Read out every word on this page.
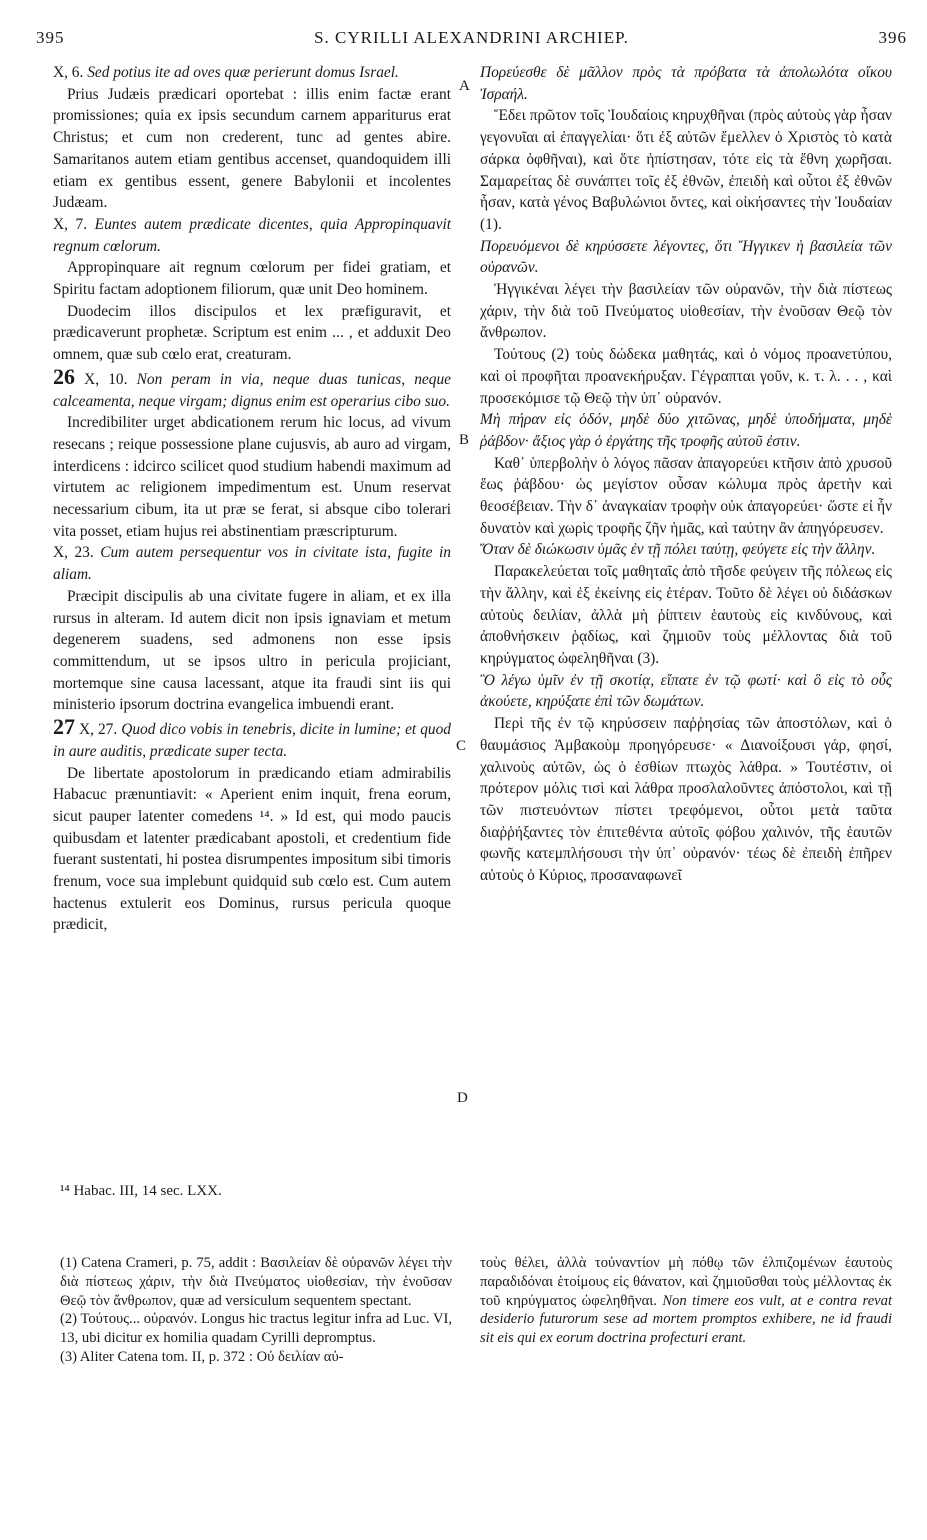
395	S. CYRILLI ALEXANDRINI ARCHIEP.	396
A
B
C
D

X, 6. Sed potius ite ad oves quæ perierunt domus Israel.

Prius Judæis prædicari oportebat : illis enim factæ erant promissiones; quia ex ipsis secundum carnem appariturus erat Christus; et cum non crederent, tunc ad gentes abire. Samaritanos autem etiam gentibus accenset, quandoquidem illi etiam ex gentibus essent, genere Babylonii et incolentes Judæam.

X, 7. Euntes autem prædicate dicentes, quia Appropinquavit regnum cœlorum.

Appropinquare ait regnum cœlorum per fidei gratiam, et Spiritu factam adoptionem filiorum, quæ unit Deo hominem.

Duodecim illos discipulos et lex præfiguravit, et prædicaverunt prophetæ. Scriptum est enim ... , et adduxit Deo omnem, quæ sub cœlo erat, creaturam.

26 X, 10. Non peram in via, neque duas tunicas, neque calceamenta, neque virgam; dignus enim est operarius cibo suo.

Incredibiliter urget abdicationem rerum hic locus, ad vivum resecans ; reique possessione plane cujusvis, ab auro ad virgam, interdicens : idcirco scilicet quod studium habendi maximum ad virtutem ac religionem impedimentum est. Unum reservat necessarium cibum, ita ut præ se ferat, si absque cibo tolerari vita posset, etiam hujus rei abstinentiam præscripturum.

X, 23. Cum autem persequentur vos in civitate ista, fugite in aliam.

Præcipit discipulis ab una civitate fugere in aliam, et ex illa rursus in alteram. Id autem dicit non ipsis ignaviam et metum degenerem suadens, sed admonens non esse ipsis committendum, ut se ipsos ultro in pericula projiciant, mortemque sine causa lacessant, atque ita fraudi sint iis qui ministerio ipsorum doctrina evangelica imbuendi erant.

27 X, 27. Quod dico vobis in tenebris, dicite in lumine; et quod in aure auditis, prædicate super tecta.

De libertate apostolorum in prædicando etiam admirabilis Habacuc prænuntiavit: « Aperient enim inquit, frena eorum, sicut pauper latenter comedens ¹⁴. » Id est, qui modo paucis quibusdam et latenter prædicabant apostoli, et credentium fide fuerant sustentati, hi postea disrumpentes impositum sibi timoris frenum, voce sua implebunt quidquid sub cœlo est. Cum autem hactenus extulerit eos Dominus, rursus pericula quoque prædicit,

Πορεύεσθε δὲ μᾶλλον πρὸς τὰ πρόβατα τὰ ἀπολωλότα οἴκου Ἰσραήλ.

Ἔδει πρῶτον τοῖς Ἰουδαίοις κηρυχθῆναι (πρὸς αὐτοὺς γὰρ ἦσαν γεγονυῖαι αἱ ἐπαγγελίαι· ὅτι ἐξ αὐτῶν ἔμελλεν ὁ Χριστὸς τὸ κατὰ σάρκα ὀφθῆναι), καὶ ὅτε ἠπίστησαν, τότε εἰς τὰ ἔθνη χωρῆσαι. Σαμαρείτας δὲ συνάπτει τοῖς ἐξ ἐθνῶν, ἐπειδὴ καὶ οὗτοι ἐξ ἐθνῶν ἦσαν, κατὰ γένος Βαβυλώνιοι ὄντες, καὶ οἰκήσαντες τὴν Ἰουδαίαν (1).

Πορευόμενοι δὲ κηρύσσετε λέγοντες, ὅτι Ἤγγικεν ἡ βασιλεία τῶν οὐρανῶν.

Ἠγγικέναι λέγει τὴν βασιλείαν τῶν οὐρανῶν, τὴν διὰ πίστεως χάριν, τὴν διὰ τοῦ Πνεύματος υἱοθεσίαν, τὴν ἑνοῦσαν Θεῷ τὸν ἄνθρωπον.

Τούτους (2) τοὺς δώδεκα μαθητάς, καὶ ὁ νόμος προανετύπου, καὶ οἱ προφῆται προανεκήρυξαν. Γέγραπται γοῦν, κ. τ. λ. . . , καὶ προσεκόμισε τῷ Θεῷ τὴν ὑπ᾽ οὐρανόν.

Μὴ πήραν εἰς ὁδόν, μηδὲ δύο χιτῶνας, μηδὲ ὑποδήματα, μηδὲ ῥάβδον· ἄξιος γὰρ ὁ ἐργάτης τῆς τροφῆς αὐτοῦ ἐστιν.

Καθ᾽ ὑπερβολὴν ὁ λόγος πᾶσαν ἀπαγορεύει κτῆσιν ἀπὸ χρυσοῦ ἕως ῥάβδου· ὡς μεγίστον οὖσαν κώλυμα πρὸς ἀρετὴν καὶ θεοσέβειαν. Τὴν δ᾽ ἀναγκαίαν τροφὴν οὐκ ἀπαγορεύει· ὥστε εἰ ἦν δυνατὸν καὶ χωρὶς τροφῆς ζῆν ἡμᾶς, καὶ ταύτην ἂν ἀπηγόρευσεν.

Ὅταν δὲ διώκωσιν ὑμᾶς ἐν τῇ πόλει ταύτῃ, φεύγετε εἰς τὴν ἄλλην.

Παρακελεύεται τοῖς μαθηταῖς ἀπὸ τῆσδε φεύγειν τῆς πόλεως εἰς τὴν ἄλλην, καὶ ἐξ ἐκείνης εἰς ἑτέραν. Τοῦτο δὲ λέγει οὐ διδάσκων αὐτοὺς δειλίαν, ἀλλὰ μὴ ῥίπτειν ἑαυτοὺς εἰς κινδύνους, καὶ ἀποθνήσκειν ῥᾳδίως, καὶ ζημιοῦν τοὺς μέλλοντας διὰ τοῦ κηρύγματος ὠφεληθῆναι (3).

Ὃ λέγω ὑμῖν ἐν τῇ σκοτίᾳ, εἴπατε ἐν τῷ φωτί· καὶ ὃ εἰς τὸ οὖς ἀκούετε, κηρύξατε ἐπὶ τῶν δωμάτων.

Περὶ τῆς ἐν τῷ κηρύσσειν παῤῥησίας τῶν ἀποστόλων, καὶ ὁ θαυμάσιος Ἀμβακοὺμ προηγόρευσε· « Διανοίξουσι γάρ, φησί, χαλινοὺς αὐτῶν, ὡς ὁ ἐσθίων πτωχὸς λάθρα. » Τουτέστιν, οἱ πρότερον μόλις τισὶ καὶ λάθρα προσλαλοῦντες ἀπόστολοι, καὶ τῇ τῶν πιστευόντων πίστει τρεφόμενοι, οὗτοι μετὰ ταῦτα διαῤῥήξαντες τὸν ἐπιτεθέντα αὐτοῖς φόβου χαλινόν, τῆς ἑαυτῶν φωνῆς κατεμπλήσουσι τὴν ὑπ᾽ οὐρανόν· τέως δὲ ἐπειδὴ ἐπῆρεν αὐτοὺς ὁ Κύριος, προσαναφωνεῖ

¹⁴ Habac. III, 14 sec. LXX.

(1) Catena Crameri, p. 75, addit : Βασιλείαν δὲ οὐρανῶν λέγει τὴν διὰ πίστεως χάριν, τὴν διὰ Πνεύματος υἱοθεσίαν, τὴν ἑνοῦσαν Θεῷ τὸν ἄνθρωπον, quæ ad versiculum sequentem spectant.

(2) Τούτους... οὐρανόν. Longus hic tractus legitur infra ad Luc. VI, 13, ubi dicitur ex homilia quadam Cyrilli depromptus.

(3) Aliter Catena tom. II, p. 372 : Οὐ δειλίαν αὐ-

τοὺς θέλει, ἀλλὰ τοὐναντίον μὴ πόθῳ τῶν ἐλπιζομένων ἑαυτοὺς παραδιδόναι ἑτοίμους εἰς θάνατον, καὶ ζημιοῦσθαι τοὺς μέλλοντας ἐκ τοῦ κηρύγματος ὠφεληθῆναι. Non timere eos vult, at e contra revat desiderio futurorum sese ad mortem promptos exhibere, ne id fraudi sit eis qui ex eorum doctrina profecturi erant.
